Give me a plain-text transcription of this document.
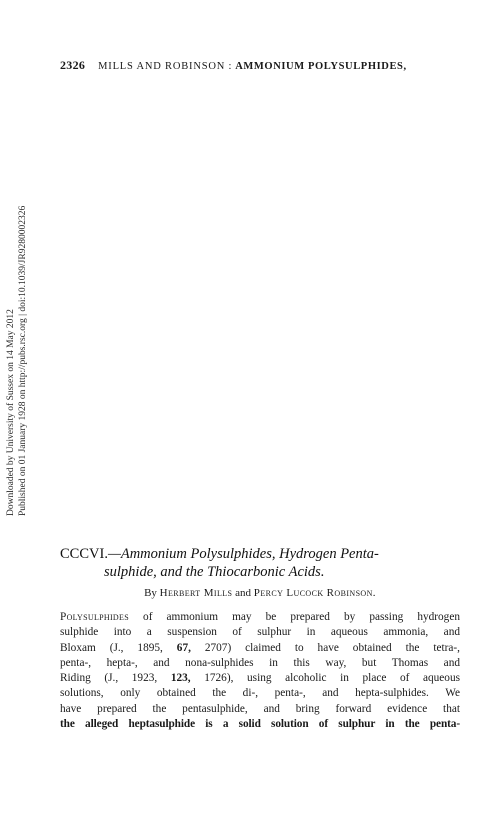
2326 MILLS AND ROBINSON : AMMONIUM POLYSULPHIDES,
Downloaded by University of Sussex on 14 May 2012 Published on 01 January 1928 on http://pubs.rsc.org | doi:10.1039/JR9280002326
CCCVI.—Ammonium Polysulphides, Hydrogen Penta-
sulphide, and the Thiocarbonic Acids.
By Herbert Mills and Percy Lucock Robinson.
Polysulphides of ammonium may be prepared by passing hydrogen
sulphide into a suspension of sulphur in aqueous ammonia, and
Bloxam (J., 1895, 67, 2707) claimed to have obtained the tetra-,
penta-, hepta-, and nona-sulphides in this way, but Thomas and
Riding (J., 1923, 123, 1726), using alcoholic in place of aqueous
solutions, only obtained the di-, penta-, and hepta-sulphides. We
have prepared the pentasulphide, and bring forward evidence that
the alleged heptasulphide is a solid solution of sulphur in the penta-
